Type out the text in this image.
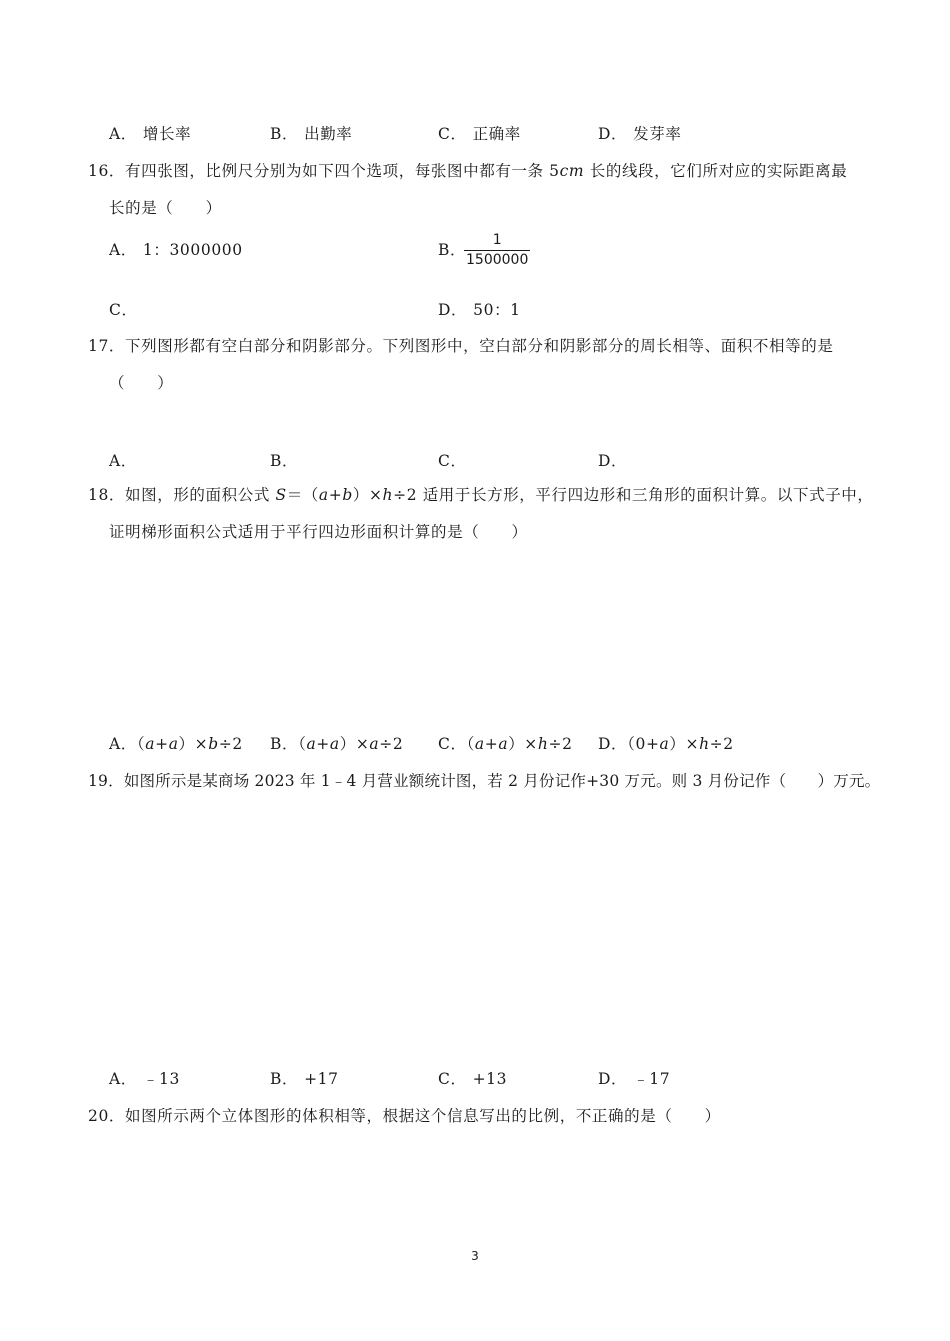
A． 增长率	B． 出勤率	C． 正确率	D． 发芽率
16．有四张图，比例尺分别为如下四个选项，每张图中都有一条 5cm 长的线段，它们所对应的实际距离最
长的是（　　）
A． 1：3000000	B．
1
1500000
C．	D． 50：1
17．下列图形都有空白部分和阴影部分。下列图形中，空白部分和阴影部分的周长相等、面积不相等的是
（　　）
A．	B．	C．	D．
18．如图，形的面积公式 S＝（a+b）×h÷2 适用于长方形，平行四边形和三角形的面积计算。以下式子中，
证明梯形面积公式适用于平行四边形面积计算的是（　　）
A．（a+a）×b÷2 B．（a+a）×a÷2 C．（a+a）×h÷2 D．（0+a）×h÷2
19．如图所示是某商场 2023 年 1﹣4 月营业额统计图，若 2 月份记作+30 万元。则 3 月份记作（　　）万元。
A． ﹣13	B． +17	C． +13	D． ﹣17
20．如图所示两个立体图形的体积相等，根据这个信息写出的比例，不正确的是（　　）
3
